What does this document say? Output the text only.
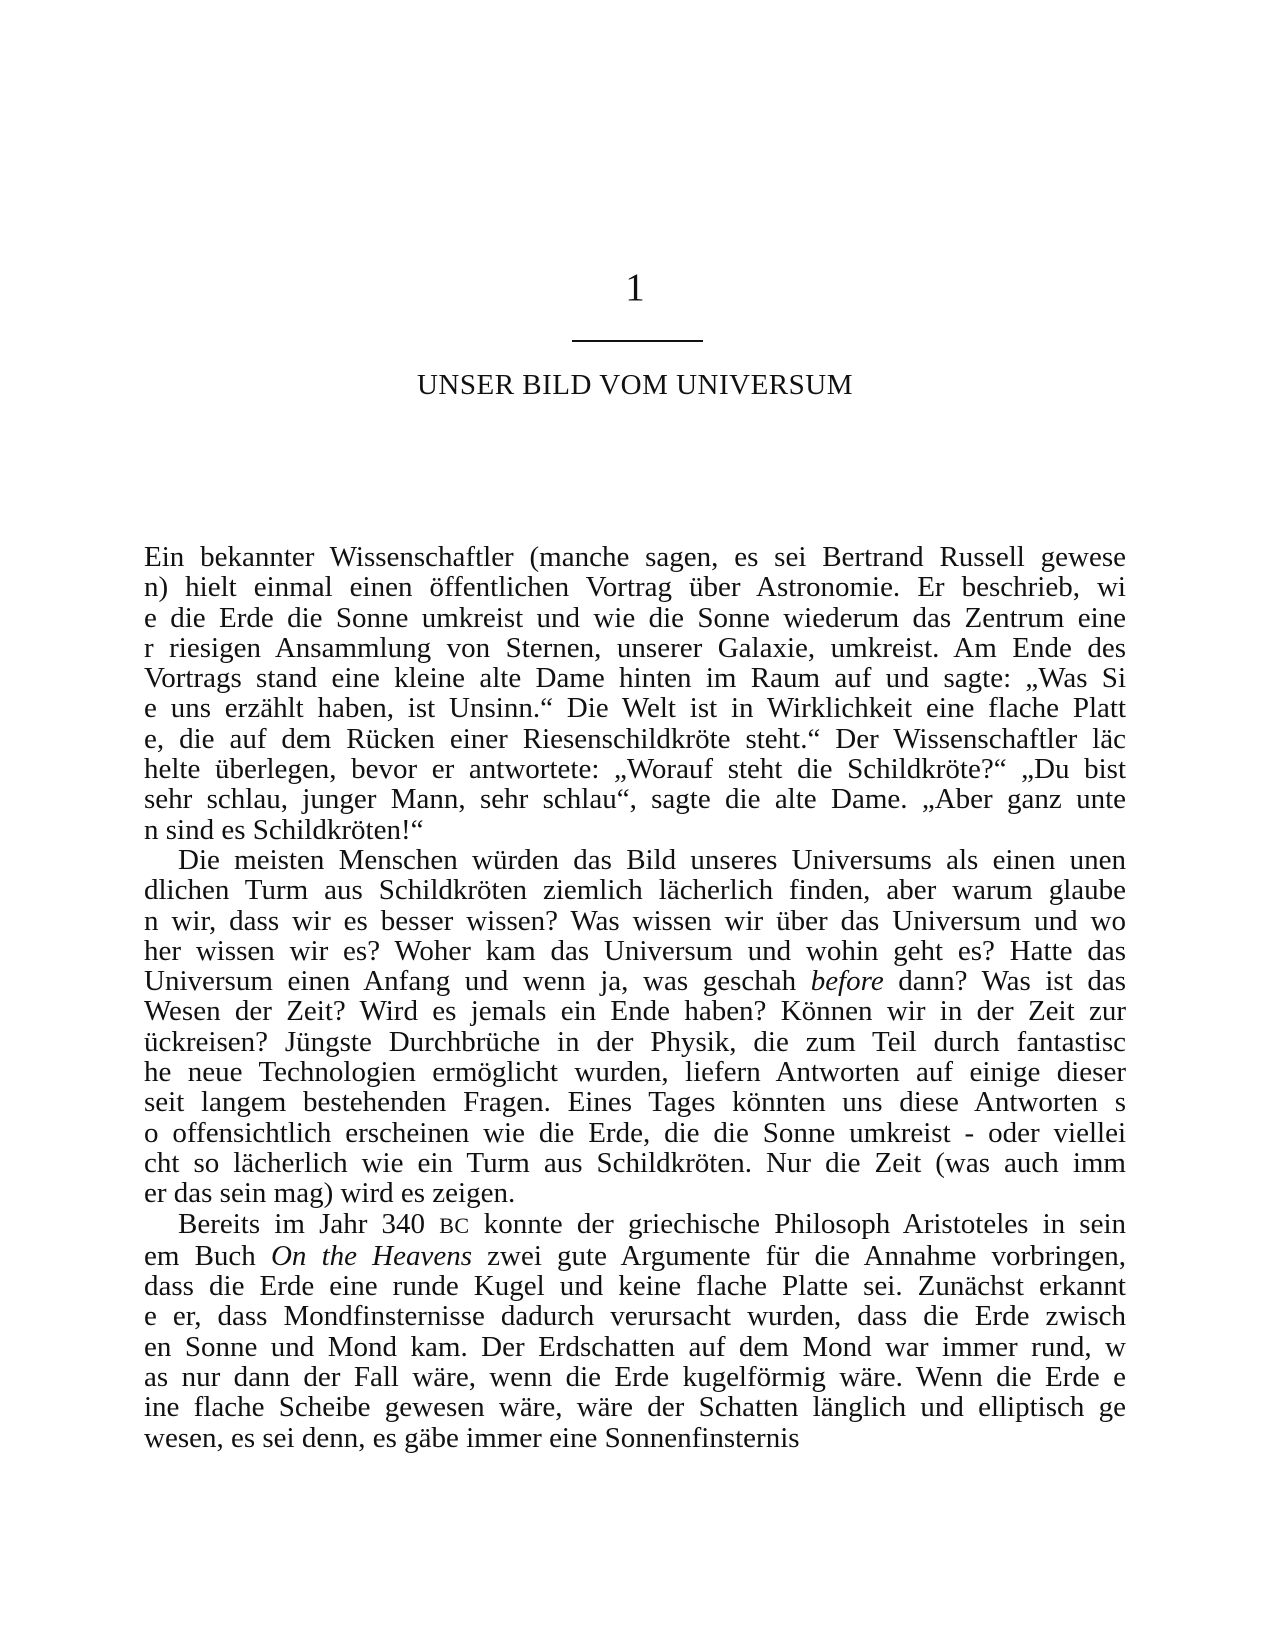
1
UNSER BILD VOM UNIVERSUM
Ein bekannter Wissenschaftler (manche sagen, es sei Bertrand Russell gewese
n) hielt einmal einen öffentlichen Vortrag über Astronomie. Er beschrieb, wi
e die Erde die Sonne umkreist und wie die Sonne wiederum das Zentrum eine
r riesigen Ansammlung von Sternen, unserer Galaxie, umkreist. Am Ende des
Vortrags stand eine kleine alte Dame hinten im Raum auf und sagte: „Was Si
e uns erzählt haben, ist Unsinn.“ Die Welt ist in Wirklichkeit eine flache Platt
e, die auf dem Rücken einer Riesenschildkröte steht.“ Der Wissenschaftler läc
helte überlegen, bevor er antwortete: „Worauf steht die Schildkröte?“ „Du bist
sehr schlau, junger Mann, sehr schlau“, sagte die alte Dame. „Aber ganz unte
n sind es Schildkröten!“
Die meisten Menschen würden das Bild unseres Universums als einen unen
dlichen Turm aus Schildkröten ziemlich lächerlich finden, aber warum glaube
n wir, dass wir es besser wissen? Was wissen wir über das Universum und wo
her wissen wir es? Woher kam das Universum und wohin geht es? Hatte das
Universum einen Anfang und wenn ja, was geschah before dann? Was ist das
Wesen der Zeit? Wird es jemals ein Ende haben? Können wir in der Zeit zur
ückreisen? Jüngste Durchbrüche in der Physik, die zum Teil durch fantastisc
he neue Technologien ermöglicht wurden, liefern Antworten auf einige dieser
seit langem bestehenden Fragen. Eines Tages könnten uns diese Antworten s
o offensichtlich erscheinen wie die Erde, die die Sonne umkreist - oder viellei
cht so lächerlich wie ein Turm aus Schildkröten. Nur die Zeit (was auch imm
er das sein mag) wird es zeigen.
Bereits im Jahr 340 BC konnte der griechische Philosoph Aristoteles in sein
em Buch On the Heavens zwei gute Argumente für die Annahme vorbringen,
dass die Erde eine runde Kugel und keine flache Platte sei. Zunächst erkannt
e er, dass Mondfinsternisse dadurch verursacht wurden, dass die Erde zwisch
en Sonne und Mond kam. Der Erdschatten auf dem Mond war immer rund, w
as nur dann der Fall wäre, wenn die Erde kugelförmig wäre. Wenn die Erde e
ine flache Scheibe gewesen wäre, wäre der Schatten länglich und elliptisch ge
wesen, es sei denn, es gäbe immer eine Sonnenfinsternis
